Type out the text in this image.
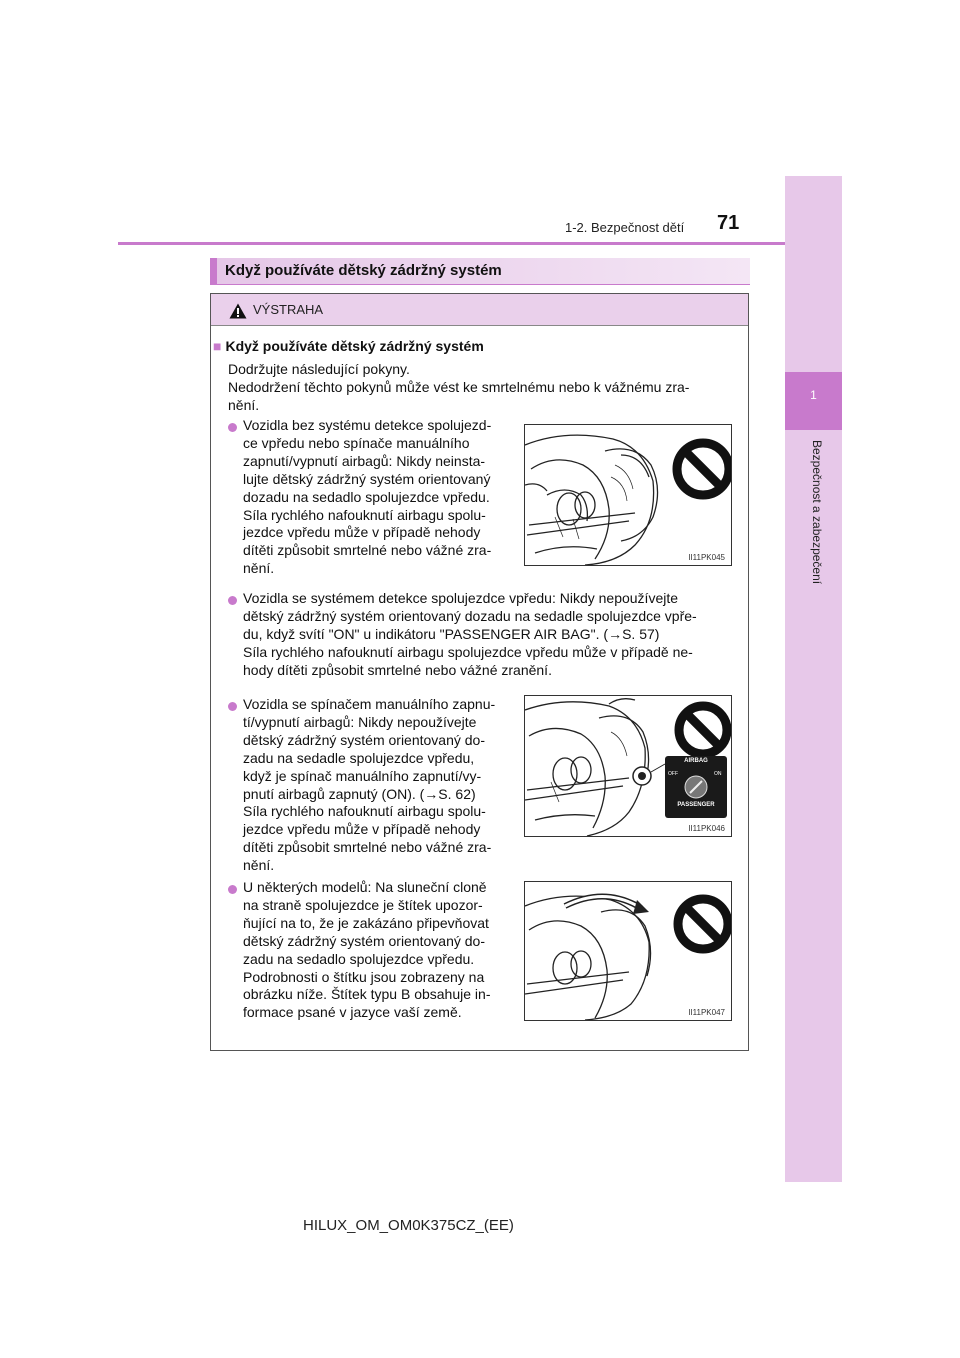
1
Bezpečnost a zabezpečení
1-2. Bezpečnost dětí 71
Když používáte dětský zádržný systém
VÝSTRAHA
■ Když používáte dětský zádržný systém
Dodržujte následující pokyny.
Nedodržení těchto pokynů může vést ke smrtelnému nebo k vážnému zra-
nění.
Vozidla bez systému detekce spolujezd-
ce vpředu nebo spínače manuálního
zapnutí/vypnutí airbagů: Nikdy neinsta-
lujte dětský zádržný systém orientovaný
dozadu na sedadlo spolujezdce vpředu.
Síla rychlého nafouknutí airbagu spolu-
jezdce vpředu může v případě nehody
dítěti způsobit smrtelné nebo vážné zra-
nění.
II11PK045
Vozidla se systémem detekce spolujezdce vpředu: Nikdy nepoužívejte
dětský zádržný systém orientovaný dozadu na sedadle spolujezdce vpře-
du, když svítí "ON" u indikátoru "PASSENGER AIR BAG". (→S. 57)
Síla rychlého nafouknutí airbagu spolujezdce vpředu může v případě ne-
hody dítěti způsobit smrtelné nebo vážné zranění.
Vozidla se spínačem manuálního zapnu-
tí/vypnutí airbagů: Nikdy nepoužívejte
dětský zádržný systém orientovaný do-
zadu na sedadle spolujezdce vpředu,
když je spínač manuálního zapnutí/vy-
pnutí airbagů zapnutý (ON). (→S. 62)
Síla rychlého nafouknutí airbagu spolu-
jezdce vpředu může v případě nehody
dítěti způsobit smrtelné nebo vážné zra-
nění.
AIRBAG
OFF	ON
PASSENGER
II11PK046
U některých modelů: Na sluneční cloně
na straně spolujezdce je štítek upozor-
ňující na to, že je zakázáno připevňovat
dětský zádržný systém orientovaný do-
zadu na sedadlo spolujezdce vpředu.
Podrobnosti o štítku jsou zobrazeny na
obrázku níže. Štítek typu B obsahuje in-
formace psané v jazyce vaší země.	II11PK047
HILUX_OM_OM0K375CZ_(EE)
